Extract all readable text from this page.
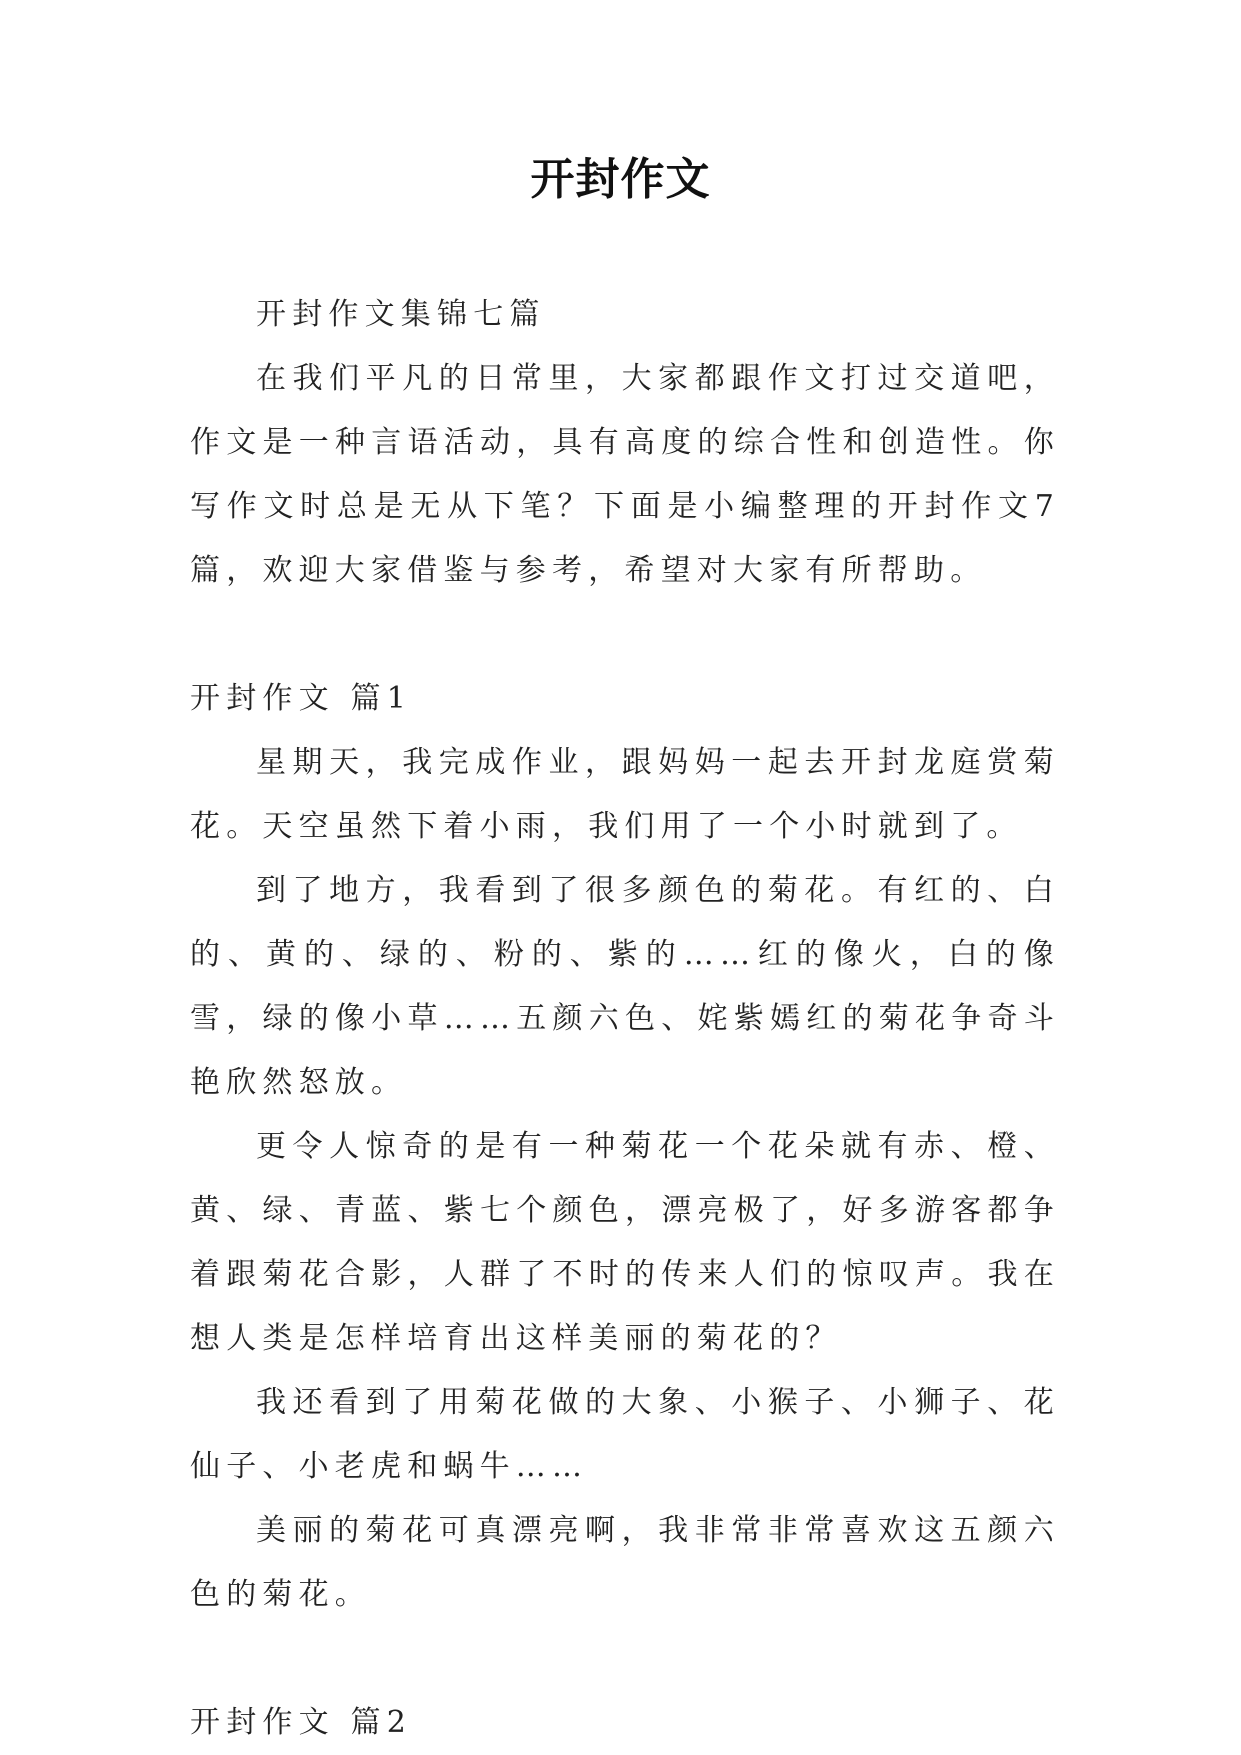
开封作文

开封作文集锦七篇

在我们平凡的日常里，大家都跟作文打过交道吧，作文是一种言语活动，具有高度的综合性和创造性。你写作文时总是无从下笔？下面是小编整理的开封作文7篇，欢迎大家借鉴与参考，希望对大家有所帮助。

开封作文 篇1

星期天，我完成作业，跟妈妈一起去开封龙庭赏菊花。天空虽然下着小雨，我们用了一个小时就到了。

到了地方，我看到了很多颜色的菊花。有红的、白的、黄的、绿的、粉的、紫的……红的像火，白的像雪，绿的像小草……五颜六色、姹紫嫣红的菊花争奇斗艳欣然怒放。

更令人惊奇的是有一种菊花一个花朵就有赤、橙、黄、绿、青蓝、紫七个颜色，漂亮极了，好多游客都争着跟菊花合影，人群了不时的传来人们的惊叹声。我在想人类是怎样培育出这样美丽的菊花的？

我还看到了用菊花做的大象、小猴子、小狮子、花仙子、小老虎和蜗牛……

美丽的菊花可真漂亮啊，我非常非常喜欢这五颜六色的菊花。

开封作文 篇2
